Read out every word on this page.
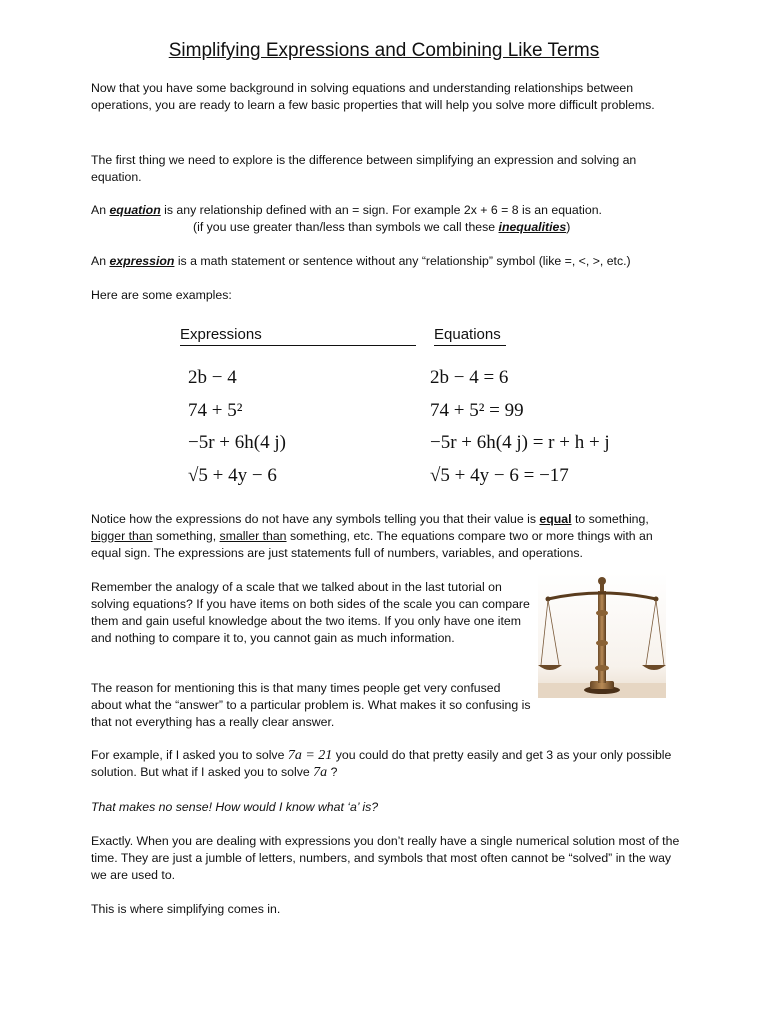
Simplifying Expressions and Combining Like Terms
Now that you have some background in solving equations and understanding relationships between operations, you are ready to learn a few basic properties that will help you solve more difficult problems.
The first thing we need to explore is the difference between simplifying an expression and solving an equation.
An equation is any relationship defined with an = sign. For example 2x + 6 = 8 is an equation.
(if you use greater than/less than symbols we call these inequalities)
An expression is a math statement or sentence without any “relationship” symbol (like =, <, >, etc.)
Here are some examples:
Expressions	Equations
2b − 4
74 + 5²
−5r + 6h(4 j)
√5 + 4y − 6
2b − 4 = 6
74 + 5² = 99
−5r + 6h(4 j) = r + h + j
√5 + 4y − 6 = −17
Notice how the expressions do not have any symbols telling you that their value is equal to something, bigger than something, smaller than something, etc. The equations compare two or more things with an equal sign. The expressions are just statements full of numbers, variables, and operations.
Remember the analogy of a scale that we talked about in the last tutorial on solving equations? If you have items on both sides of the scale you can compare them and gain useful knowledge about the two items. If you only have one item and nothing to compare it to, you cannot gain as much information.
The reason for mentioning this is that many times people get very confused about what the “answer” to a particular problem is. What makes it so confusing is that not everything has a really clear answer.
For example, if I asked you to solve 7a = 21 you could do that pretty easily and get 3 as your only possible solution. But what if I asked you to solve 7a ?
That makes no sense! How would I know what ‘a’ is?
Exactly. When you are dealing with expressions you don’t really have a single numerical solution most of the time. They are just a jumble of letters, numbers, and symbols that most often cannot be “solved” in the way we are used to.
This is where simplifying comes in.
